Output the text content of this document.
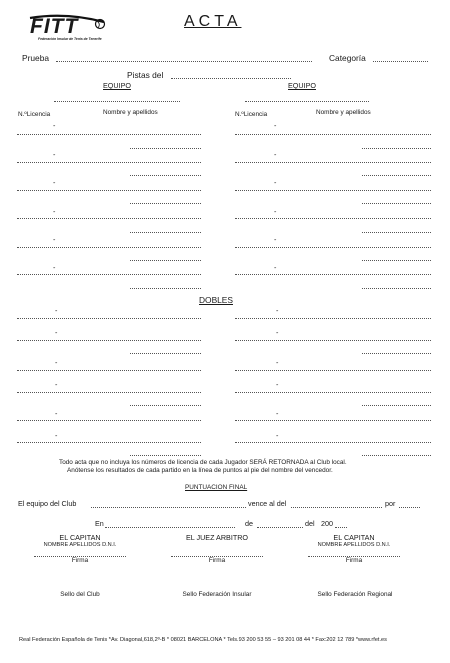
FITT
Federación Insular de Tenis de Tenerife
ACTA
Prueba	Categoría
Pistas del
EQUIPO	EQUIPO
N.ºLicencia	Nombre y apellidos	N.ºLicencia	Nombre y apellidos
-
-
-
-
-
-
-
-
-
-
-
-
DOBLES
-
-
-
-
-
-
-
-
-
-
-
-
Todo acta que no incluya los números de licencia de cada Jugador SERÁ RETORNADA al Club local.
Anótense los resultados de cada partido en la línea de puntos al pie del nombre del vencedor.
PUNTUACION FINAL
El equipo del Club	vence al del	por
En	de	del 200
EL CAPITAN
NOMBRE APELLIDOS D.N.I.
Firma
Sello del Club
EL JUEZ ARBITRO
Firma
Sello Federación Insular
EL CAPITAN
NOMBRE APELLIDOS D.N.I.
Firma
Sello Federación Regional
Real Federación Española de Tenis *Av. Diagonal,618,2º-B * 08021 BARCELONA * Tels.93 200 53 55 – 93 201 08 44 * Fax:202 12 789 *www.rfet.es
